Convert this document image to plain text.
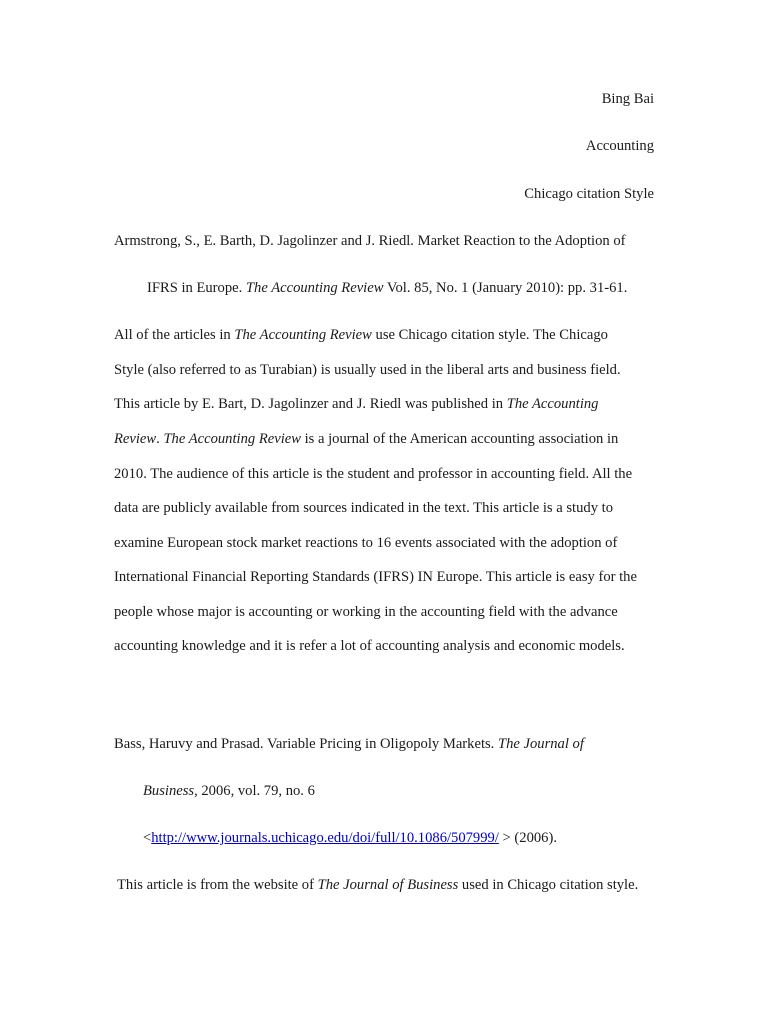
Bing Bai
Accounting
Chicago citation Style
Armstrong, S., E. Barth, D. Jagolinzer and J. Riedl. Market Reaction to the Adoption of
IFRS in Europe. The Accounting Review Vol. 85, No. 1 (January 2010): pp. 31-61.
All of the articles in The Accounting Review use Chicago citation style. The Chicago
Style (also referred to as Turabian) is usually used in the liberal arts and business field.
This article by E. Bart, D. Jagolinzer and J. Riedl was published in The Accounting
Review. The Accounting Review is a journal of the American accounting association in
2010. The audience of this article is the student and professor in accounting field. All the
data are publicly available from sources indicated in the text. This article is a study to
examine European stock market reactions to 16 events associated with the adoption of
International Financial Reporting Standards (IFRS) IN Europe. This article is easy for the
people whose major is accounting or working in the accounting field with the advance
accounting knowledge and it is refer a lot of accounting analysis and economic models.
Bass, Haruvy and Prasad. Variable Pricing in Oligopoly Markets. The Journal of
Business, 2006, vol. 79, no. 6
<http://www.journals.uchicago.edu/doi/full/10.1086/507999/ > (2006).
This article is from the website of The Journal of Business used in Chicago citation style.
